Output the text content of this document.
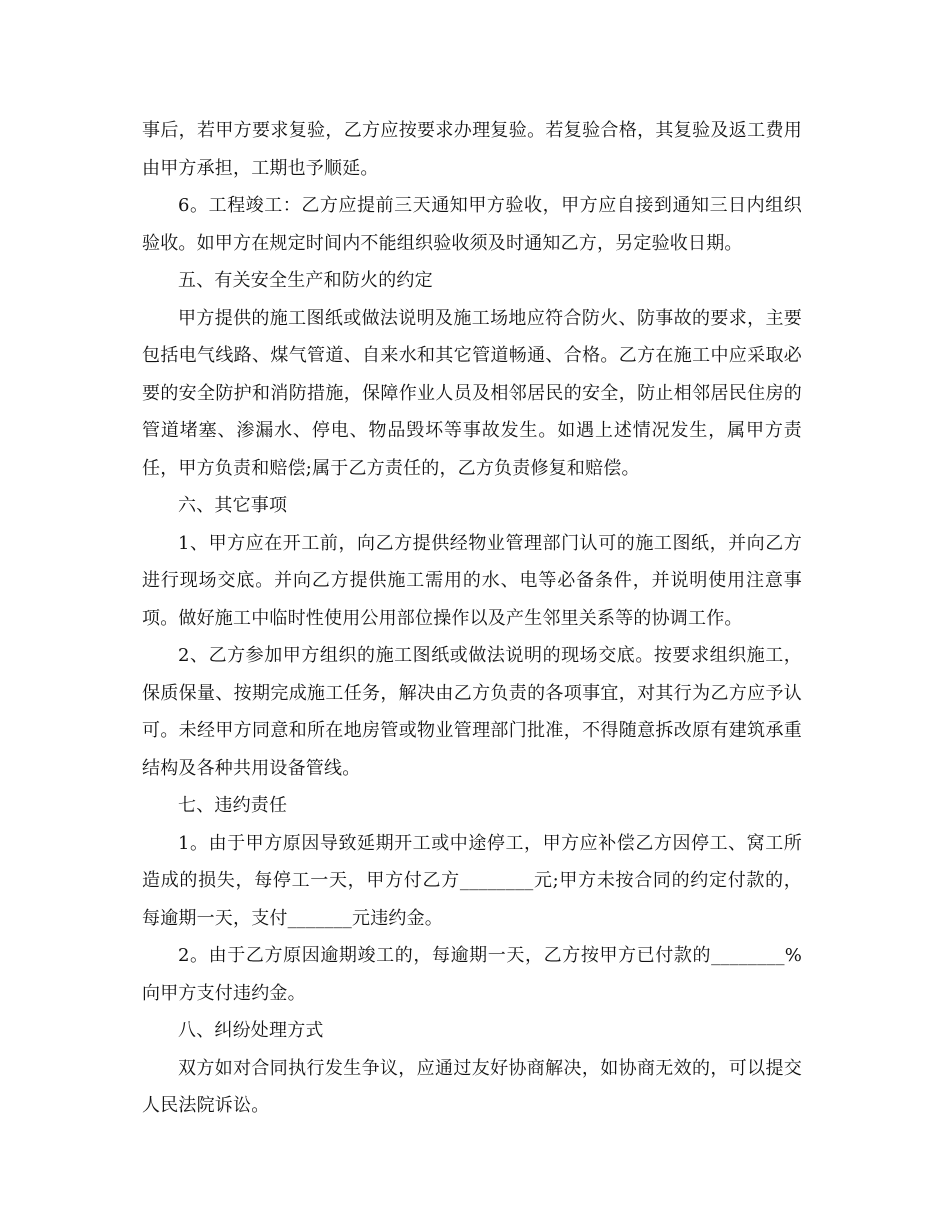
事后，若甲方要求复验，乙方应按要求办理复验。若复验合格，其复验及返工费用由甲方承担，工期也予顺延。

6。工程竣工：乙方应提前三天通知甲方验收，甲方应自接到通知三日内组织验收。如甲方在规定时间内不能组织验收须及时通知乙方，另定验收日期。

五、有关安全生产和防火的约定

甲方提供的施工图纸或做法说明及施工场地应符合防火、防事故的要求，主要包括电气线路、煤气管道、自来水和其它管道畅通、合格。乙方在施工中应采取必要的安全防护和消防措施，保障作业人员及相邻居民的安全，防止相邻居民住房的管道堵塞、渗漏水、停电、物品毁坏等事故发生。如遇上述情况发生，属甲方责任，甲方负责和赔偿;属于乙方责任的，乙方负责修复和赔偿。

六、其它事项

1、甲方应在开工前，向乙方提供经物业管理部门认可的施工图纸，并向乙方进行现场交底。并向乙方提供施工需用的水、电等必备条件，并说明使用注意事项。做好施工中临时性使用公用部位操作以及产生邻里关系等的协调工作。

2、乙方参加甲方组织的施工图纸或做法说明的现场交底。按要求组织施工，保质保量、按期完成施工任务，解决由乙方负责的各项事宜，对其行为乙方应予认可。未经甲方同意和所在地房管或物业管理部门批准，不得随意拆改原有建筑承重结构及各种共用设备管线。

七、违约责任

1。由于甲方原因导致延期开工或中途停工，甲方应补偿乙方因停工、窝工所造成的损失，每停工一天，甲方付乙方________元;甲方未按合同的约定付款的，每逾期一天，支付_______元违约金。

2。由于乙方原因逾期竣工的，每逾期一天，乙方按甲方已付款的________%向甲方支付违约金。

八、纠纷处理方式

双方如对合同执行发生争议，应通过友好协商解决，如协商无效的，可以提交人民法院诉讼。
